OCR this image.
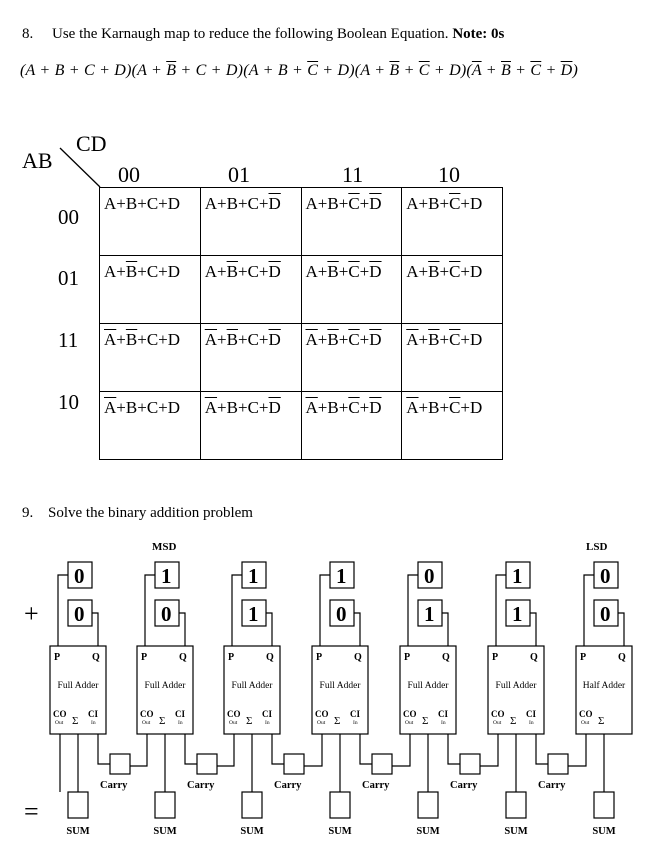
8. Use the Karnaugh map to reduce the following Boolean Equation. Note: 0s
$(A + B + C + D)(A + \overline{B} + C + D)(A + B + \overline{C} + D)(A + \overline{B} + \overline{C} + D)(\overline{A} + \overline{B} + \overline{C} + \overline{D})$
AB
CD
00	01	11	10
00
01
11
10
A+B+C+D	$A+B+C+\overline{D}$	$A+B+\overline{C}+\overline{D}$	$A+B+\overline{C}+D$
$A+\overline{B}+C+D$	$A+\overline{B}+C+\overline{D}$	$A+\overline{B}+\overline{C}+\overline{D}$	$A+\overline{B}+\overline{C}+D$
$\overline{A}+\overline{B}+C+D$	$\overline{A}+\overline{B}+C+\overline{D}$	$\overline{A}+\overline{B}+\overline{C}+\overline{D}$	$\overline{A}+\overline{B}+\overline{C}+D$
$\overline{A}+B+C+D$	$\overline{A}+B+C+\overline{D}$	$\overline{A}+B+\overline{C}+\overline{D}$	$\overline{A}+B+\overline{C}+D$
9. Solve the binary addition problem
MSD	LSD
+
=
0
0
P	Q
Full Adder
CO
Out Σ
CI
In
SUM
1
0
P	Q
Full Adder
CO
Out Σ
CI
In
SUM
1
1
P	Q
Full Adder
CO
Out Σ
CI
In
SUM
1
0
P	Q
Full Adder
CO
Out Σ
CI
In
SUM
0
1
P	Q
Full Adder
CO
Out Σ
CI
In
SUM
1
1
P	Q
Full Adder
CO
Out Σ
CI
In
SUM
0
0
P	Q
Half Adder
CO
Out Σ
SUM
Carry	Carry	Carry	Carry	Carry	Carry
